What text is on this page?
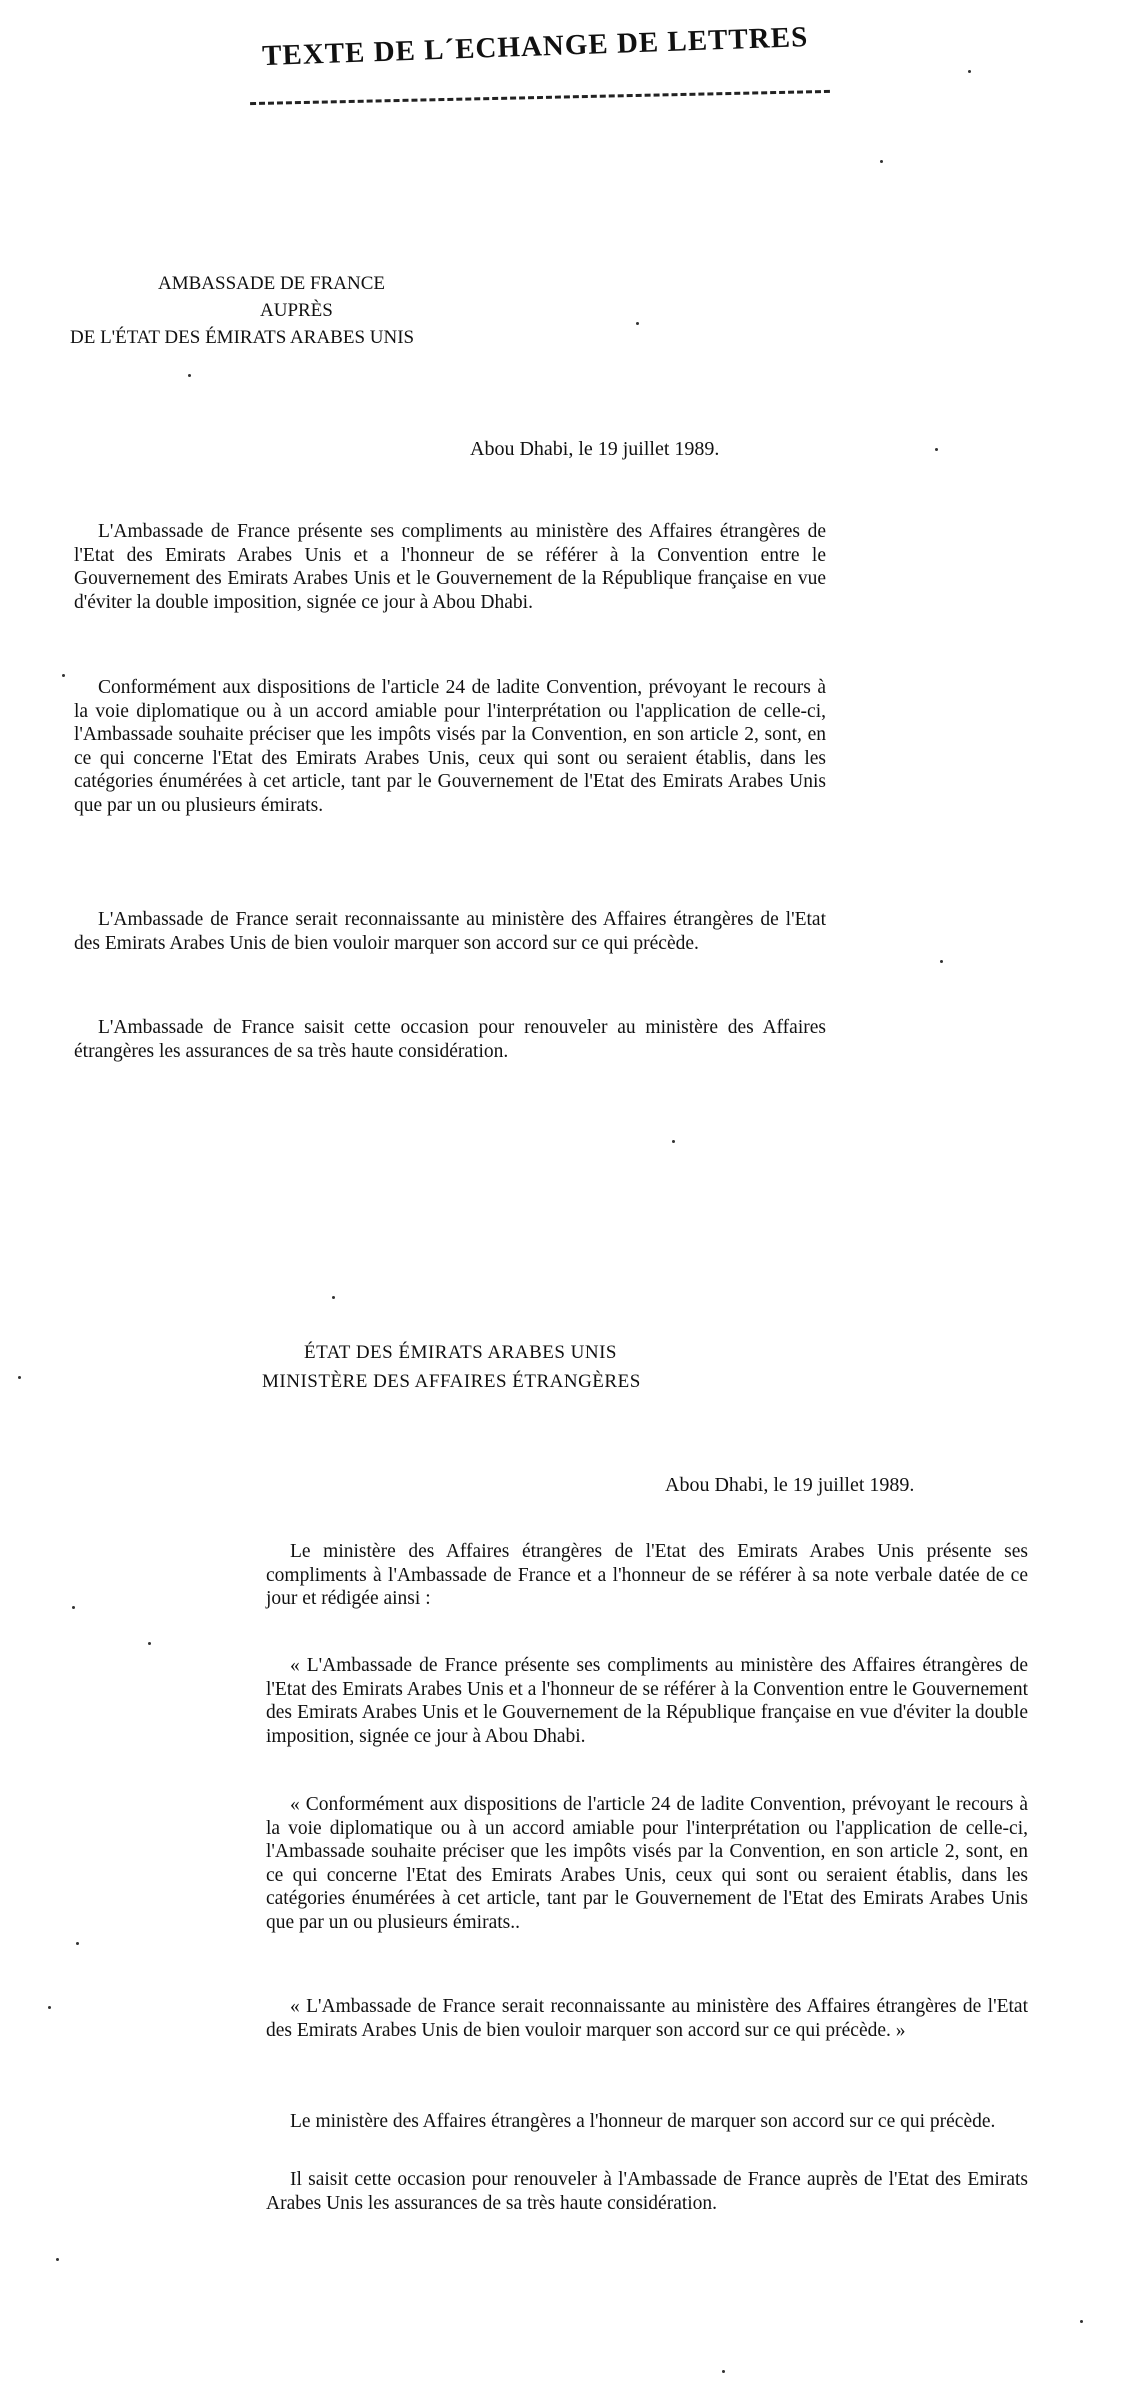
TEXTE DE L´ECHANGE DE LETTRES
AMBASSADE DE FRANCE
AUPRÈS
DE L'ÉTAT DES ÉMIRATS ARABES UNIS
Abou Dhabi, le 19 juillet 1989.

L'Ambassade de France présente ses compliments au ministère des Affaires étrangères de l'Etat des Emirats Arabes Unis et a l'honneur de se référer à la Convention entre le Gouvernement des Emirats Arabes Unis et le Gouvernement de la République française en vue d'éviter la double imposition, signée ce jour à Abou Dhabi.

Conformément aux dispositions de l'article 24 de ladite Convention, prévoyant le recours à la voie diplomatique ou à un accord amiable pour l'interprétation ou l'application de celle-ci, l'Ambassade souhaite préciser que les impôts visés par la Convention, en son article 2, sont, en ce qui concerne l'Etat des Emirats Arabes Unis, ceux qui sont ou seraient établis, dans les catégories énumérées à cet article, tant par le Gouvernement de l'Etat des Emirats Arabes Unis que par un ou plusieurs émirats.

L'Ambassade de France serait reconnaissante au ministère des Affaires étrangères de l'Etat des Emirats Arabes Unis de bien vouloir marquer son accord sur ce qui précède.

L'Ambassade de France saisit cette occasion pour renouveler au ministère des Affaires étrangères les assurances de sa très haute considération.

ÉTAT DES ÉMIRATS ARABES UNIS
MINISTÈRE DES AFFAIRES ÉTRANGÈRES
Abou Dhabi, le 19 juillet 1989.

Le ministère des Affaires étrangères de l'Etat des Emirats Arabes Unis présente ses compliments à l'Ambassade de France et a l'honneur de se référer à sa note verbale datée de ce jour et rédigée ainsi :

« L'Ambassade de France présente ses compliments au ministère des Affaires étrangères de l'Etat des Emirats Arabes Unis et a l'honneur de se référer à la Convention entre le Gouvernement des Emirats Arabes Unis et le Gouvernement de la République française en vue d'éviter la double imposition, signée ce jour à Abou Dhabi.

« Conformément aux dispositions de l'article 24 de ladite Convention, prévoyant le recours à la voie diplomatique ou à un accord amiable pour l'interprétation ou l'application de celle-ci, l'Ambassade souhaite préciser que les impôts visés par la Convention, en son article 2, sont, en ce qui concerne l'Etat des Emirats Arabes Unis, ceux qui sont ou seraient établis, dans les catégories énumérées à cet article, tant par le Gouvernement de l'Etat des Emirats Arabes Unis que par un ou plusieurs émirats..

« L'Ambassade de France serait reconnaissante au ministère des Affaires étrangères de l'Etat des Emirats Arabes Unis de bien vouloir marquer son accord sur ce qui précède. »

Le ministère des Affaires étrangères a l'honneur de marquer son accord sur ce qui précède.

Il saisit cette occasion pour renouveler à l'Ambassade de France auprès de l'Etat des Emirats Arabes Unis les assurances de sa très haute considération.
